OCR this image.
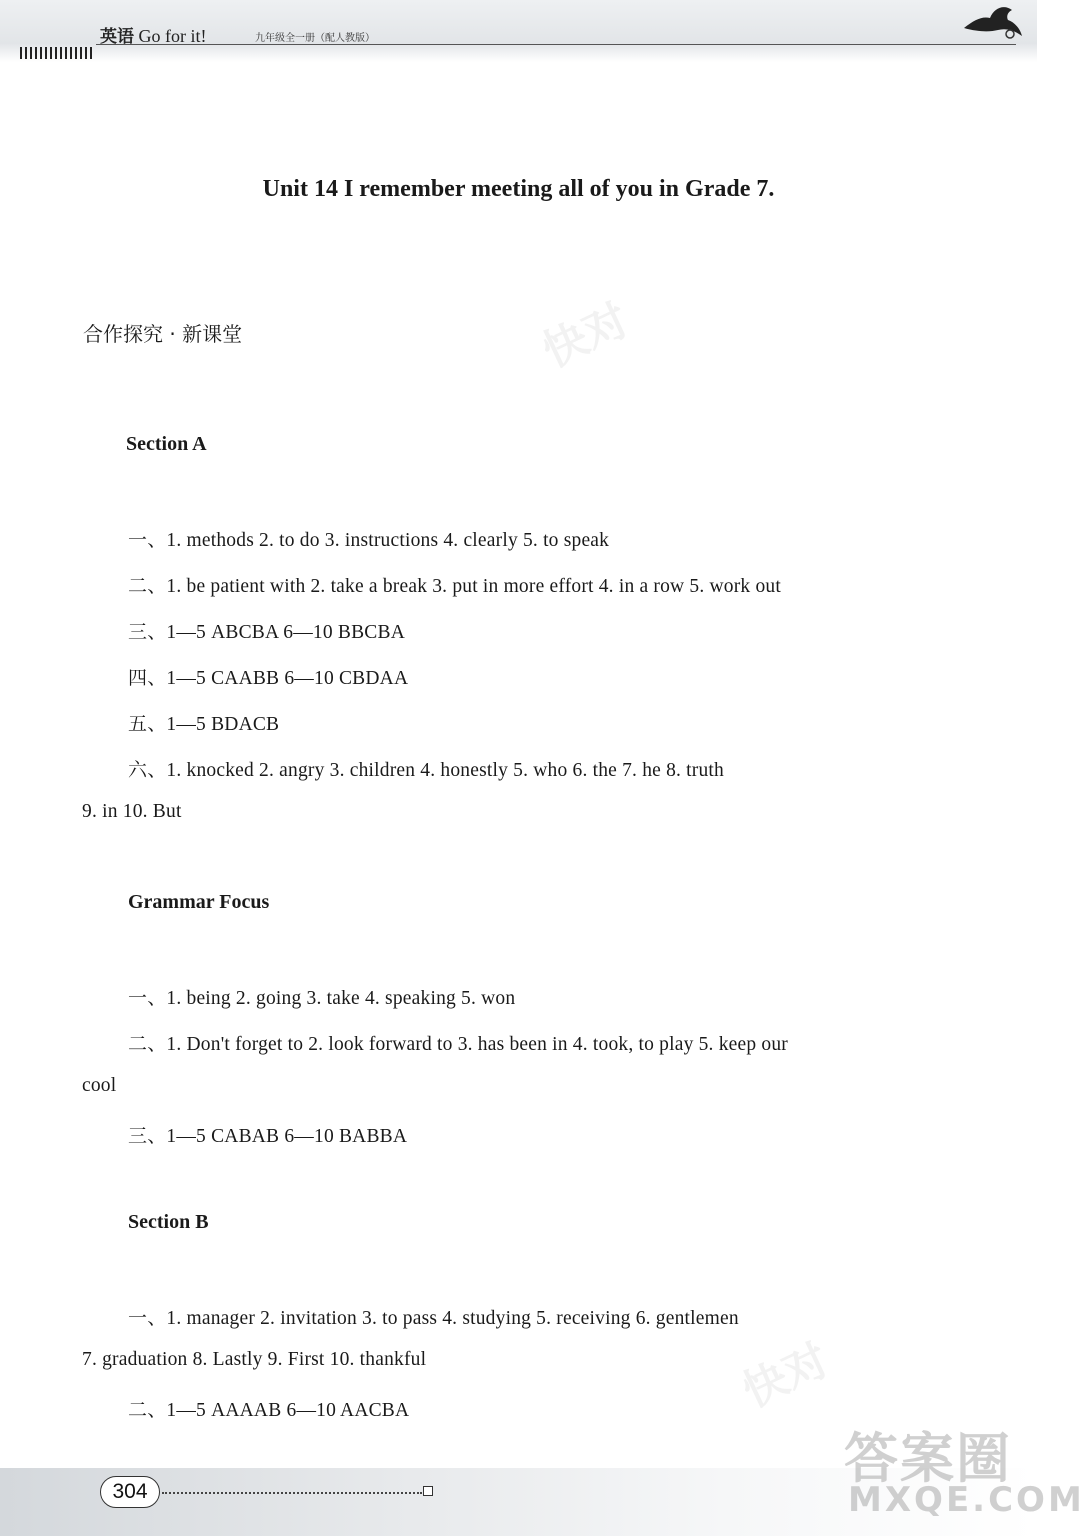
英语 Go for it!	九年级全一册（配人教版）
快对
快对
Unit 14 I remember meeting all of you in Grade 7.
合作探究 · 新课堂
Section A
一、1. methods 2. to do 3. instructions 4. clearly 5. to speak
二、1. be patient with 2. take a break 3. put in more effort 4. in a row 5. work out
三、1—5 ABCBA 6—10 BBCBA
四、1—5 CAABB 6—10 CBDAA
五、1—5 BDACB
六、1. knocked 2. angry 3. children 4. honestly 5. who 6. the 7. he 8. truth
9. in 10. But
Grammar Focus
一、1. being 2. going 3. take 4. speaking 5. won
二、1. Don't forget to 2. look forward to 3. has been in 4. took, to play 5. keep our
cool
三、1—5 CABAB 6—10 BABBA
Section B
一、1. manager 2. invitation 3. to pass 4. studying 5. receiving 6. gentlemen
7. graduation 8. Lastly 9. First 10. thankful
二、1—5 AAAAB 6—10 AACBA
304
答案圈
MXQE.COM
